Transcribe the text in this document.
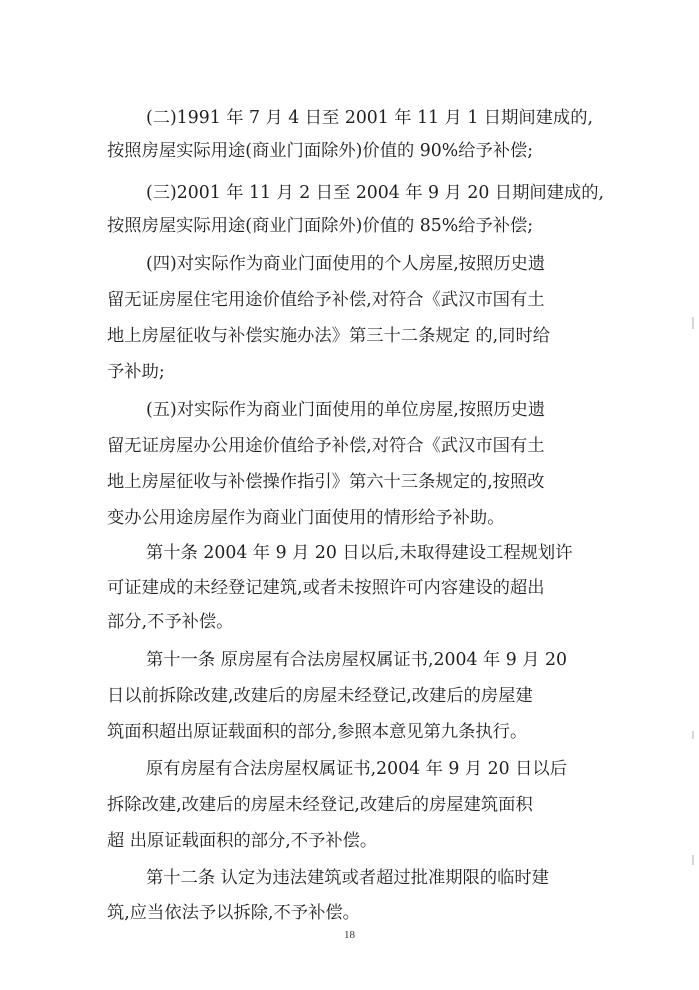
(二)1991 年 7 月 4 日至 2001 年 11 月 1 日期间建成的,
按照房屋实际用途(商业门面除外)价值的 90%给予补偿;
(三)2001 年 11 月 2 日至 2004 年 9 月 20 日期间建成的,
按照房屋实际用途(商业门面除外)价值的 85%给予补偿;
(四)对实际作为商业门面使用的个人房屋,按照历史遗
留无证房屋住宅用途价值给予补偿,对符合《武汉市国有土
地上房屋征收与补偿实施办法》第三十二条规定 的,同时给
予补助;
(五)对实际作为商业门面使用的单位房屋,按照历史遗
留无证房屋办公用途价值给予补偿,对符合《武汉市国有土
地上房屋征收与补偿操作指引》第六十三条规定的,按照改
变办公用途房屋作为商业门面使用的情形给予补助。
第十条 2004 年 9 月 20 日以后,未取得建设工程规划许
可证建成的未经登记建筑,或者未按照许可内容建设的超出
部分,不予补偿。
第十一条 原房屋有合法房屋权属证书,2004 年 9 月 20
日以前拆除改建,改建后的房屋未经登记,改建后的房屋建
筑面积超出原证载面积的部分,参照本意见第九条执行。
原有房屋有合法房屋权属证书,2004 年 9 月 20 日以后
拆除改建,改建后的房屋未经登记,改建后的房屋建筑面积
超 出原证载面积的部分,不予补偿。
第十二条 认定为违法建筑或者超过批准期限的临时建
筑,应当依法予以拆除,不予补偿。
18
